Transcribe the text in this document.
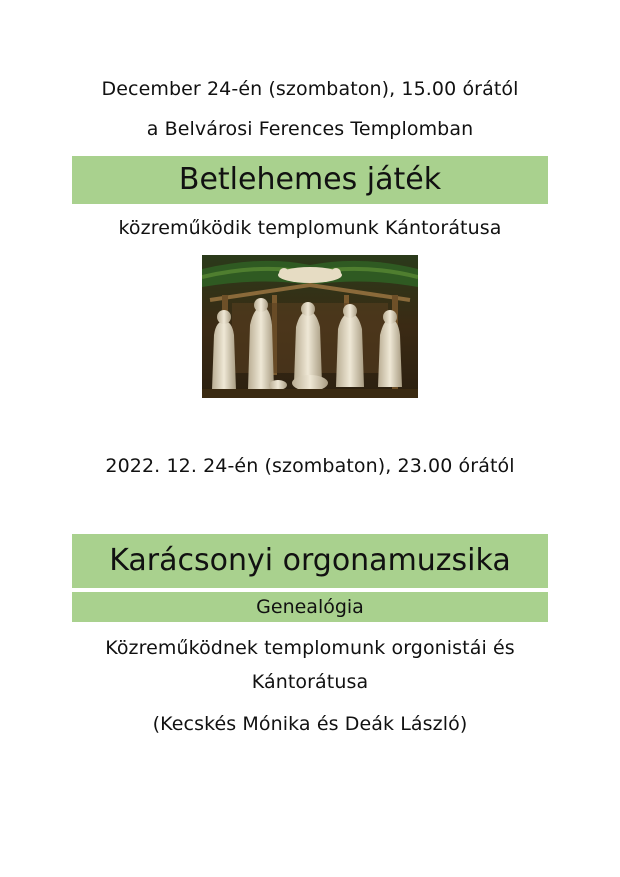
December 24-én (szombaton), 15.00 órától
a Belvárosi Ferences Templomban
Betlehemes játék
közreműködik templomunk Kántorátusa
2022. 12. 24-én (szombaton), 23.00 órától
Karácsonyi orgonamuzsika
Genealógia
Közreműködnek templomunk orgonistái és
Kántorátusa
(Kecskés Mónika és Deák László)
